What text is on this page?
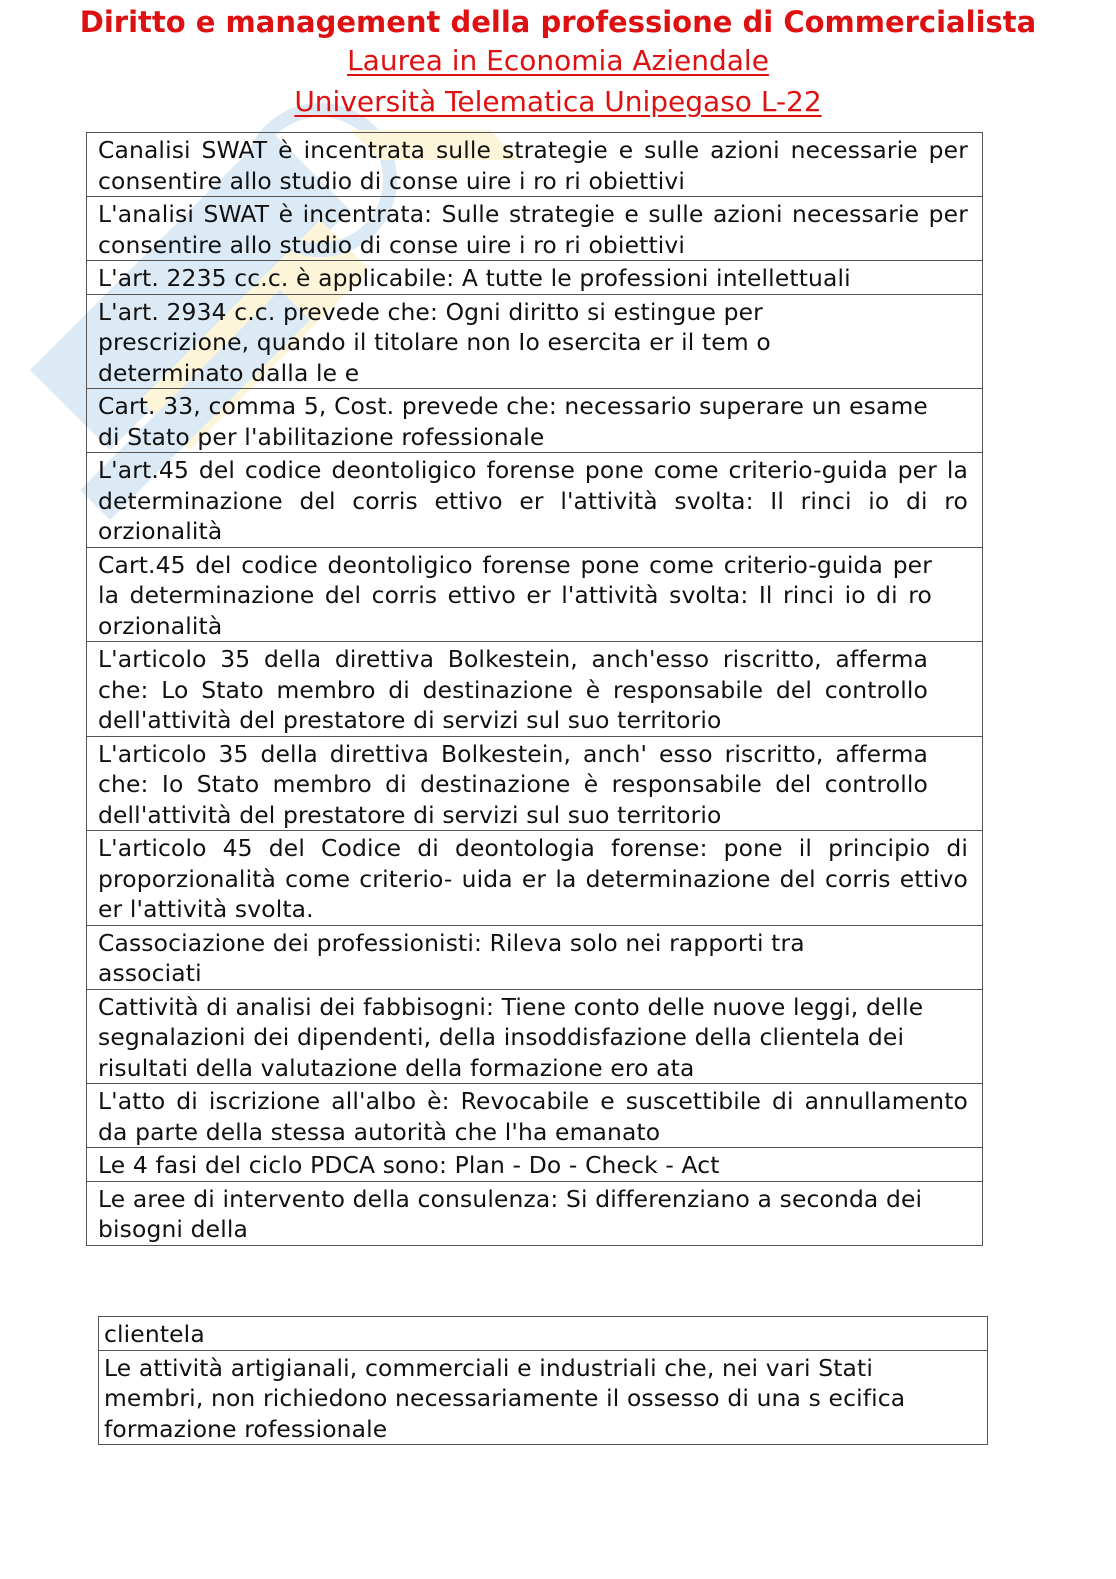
Diritto e management della professione di Commercialista
Laurea in Economia Aziendale
Università Telematica Unipegaso L-22
Canalisi SWAT è incentrata sulle strategie e sulle azioni necessarie per consentire allo studio di conse uire i ro ri obiettivi
L'analisi SWAT è incentrata: Sulle strategie e sulle azioni necessarie per consentire allo studio di conse uire i ro ri obiettivi
L'art. 2235 cc.c. è applicabile: A tutte le professioni intellettuali
L'art. 2934 c.c. prevede che: Ogni diritto si estingue per prescrizione, quando il titolare non Io esercita er il tem o determinato dalla le e
Cart. 33, comma 5, Cost. prevede che: necessario superare un esame di Stato per l'abilitazione rofessionale
L'art.45 del codice deontoligico forense pone come criterio-guida per la determinazione del corris ettivo er l'attività svolta: Il rinci io di ro orzionalità
Cart.45 del codice deontoligico forense pone come criterio-guida per la determinazione del corris ettivo er l'attività svolta: Il rinci io di ro orzionalità
L'articolo 35 della direttiva Bolkestein, anch'esso riscritto, afferma che: Lo Stato membro di destinazione è responsabile del controllo dell'attività del prestatore di servizi sul suo territorio
L'articolo 35 della direttiva Bolkestein, anch' esso riscritto, afferma che: Io Stato membro di destinazione è responsabile del controllo dell'attività del prestatore di servizi sul suo territorio
L'articolo 45 del Codice di deontologia forense: pone il principio di proporzionalità come criterio- uida er la determinazione del corris ettivo er l'attività svolta.
Cassociazione dei professionisti: Rileva solo nei rapporti tra associati
Cattività di analisi dei fabbisogni: Tiene conto delle nuove leggi, delle segnalazioni dei dipendenti, della insoddisfazione della clientela dei risultati della valutazione della formazione ero ata
L'atto di iscrizione all'albo è: Revocabile e suscettibile di annullamento da parte della stessa autorità che l'ha emanato
Le 4 fasi del ciclo PDCA sono: Plan - Do - Check - Act
Le aree di intervento della consulenza: Si differenziano a seconda dei bisogni della
clientela
Le attività artigianali, commerciali e industriali che, nei vari Stati membri, non richiedono necessariamente il ossesso di una s ecifica formazione rofessionale
